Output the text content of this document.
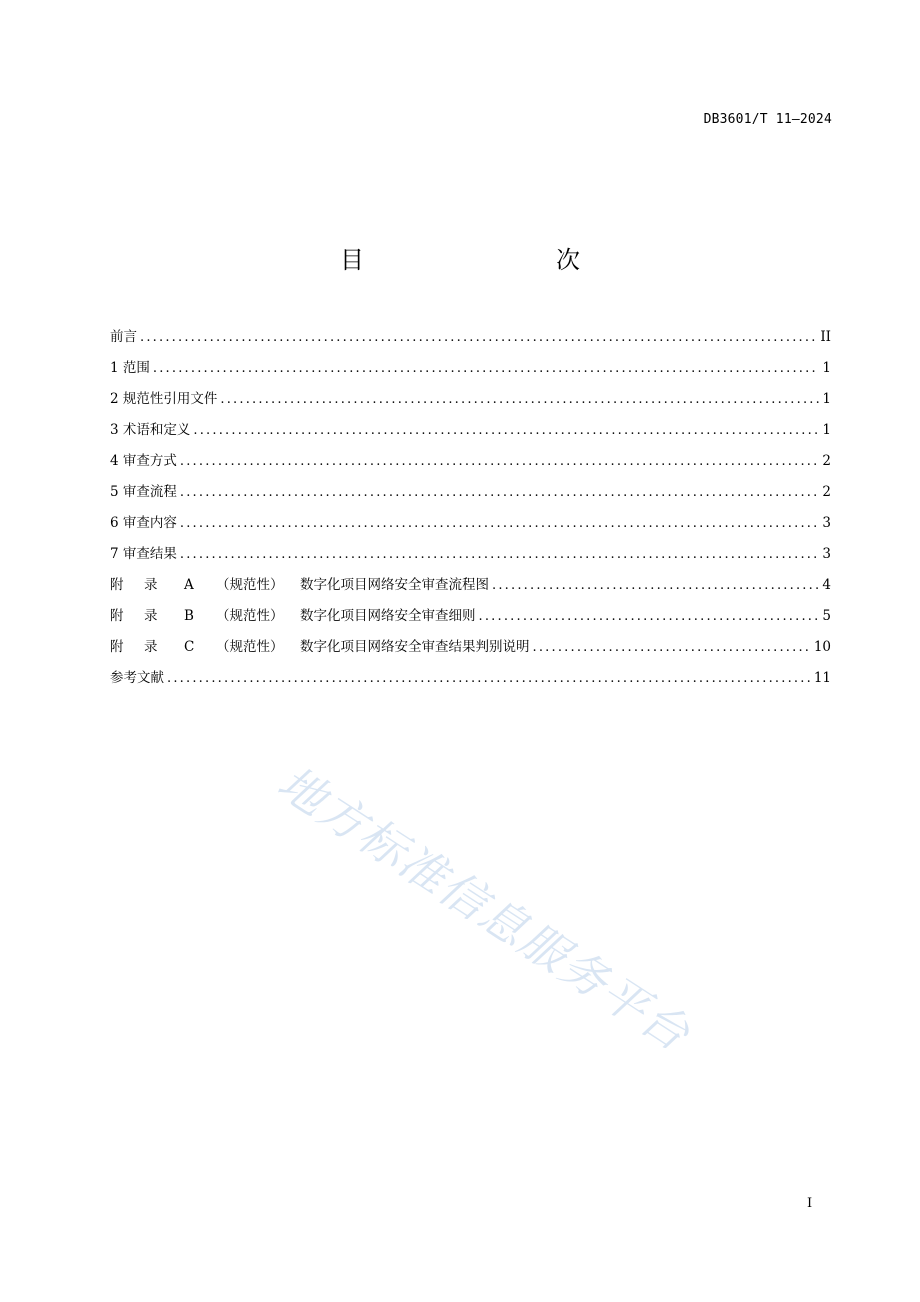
DB3601/T 11—2024
目　　次
前言 .....	II
1 范围 .....	1
2 规范性引用文件 .....	1
3 术语和定义 .....	1
4 审查方式 .....	2
5 审查流程 .....	2
6 审查内容 .....	3
7 审查结果 .....	3
附 录 A （规范性） 数字化项目网络安全审查流程图 .....	4
附 录 B （规范性） 数字化项目网络安全审查细则 .....	5
附 录 C （规范性） 数字化项目网络安全审查结果判别说明 .....	10
参考文献 .....	11
地方标准信息服务平台
I
